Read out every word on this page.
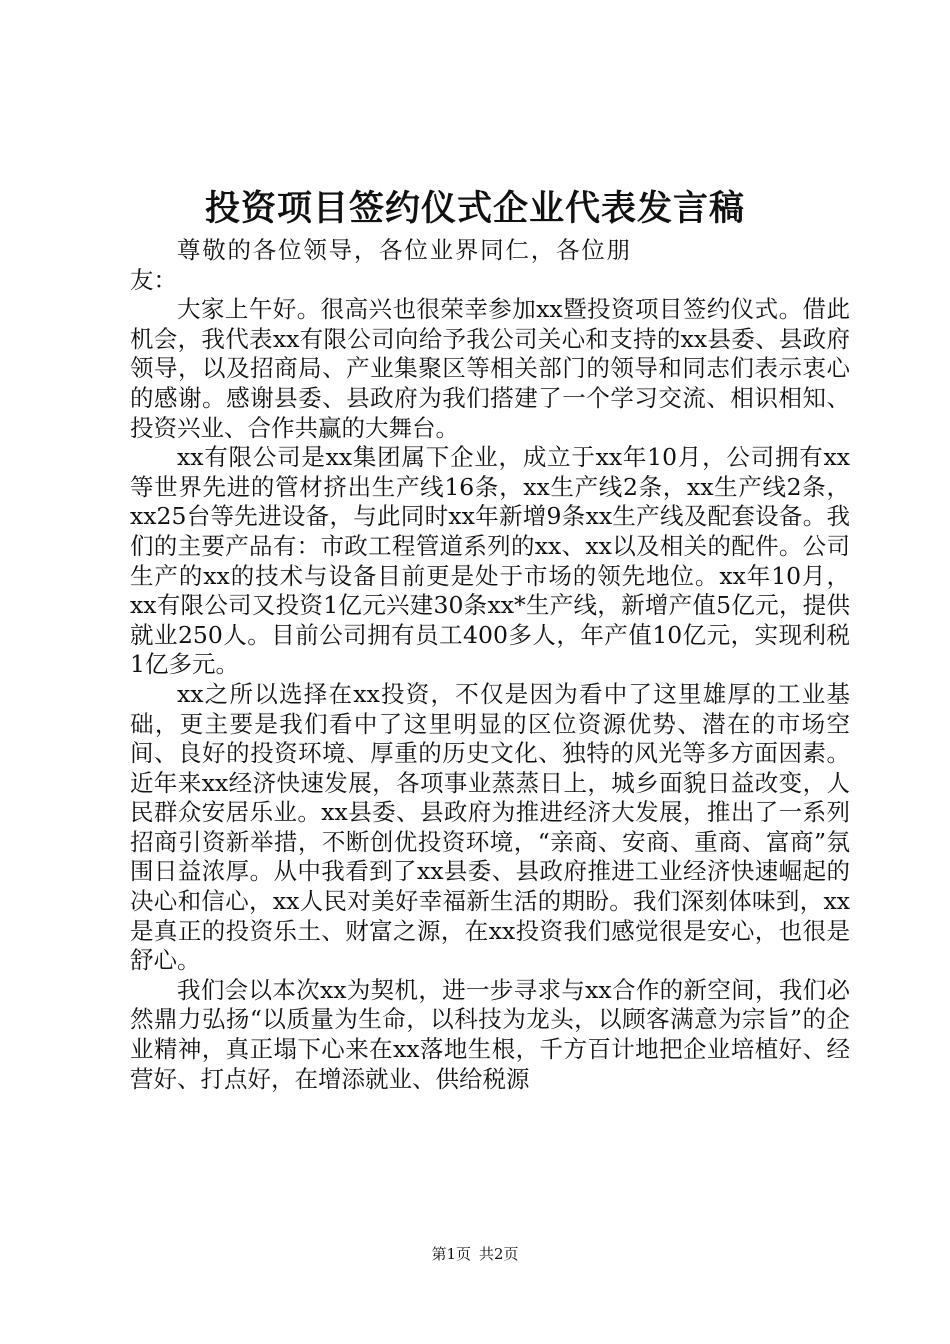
投资项目签约仪式企业代表发言稿

尊敬的各位领导，各位业界同仁，各位朋友：

大家上午好。很高兴也很荣幸参加xx暨投资项目签约仪式。借此机会，我代表xx有限公司向给予我公司关心和支持的xx县委、县政府领导，以及招商局、产业集聚区等相关部门的领导和同志们表示衷心的感谢。感谢县委、县政府为我们搭建了一个学习交流、相识相知、投资兴业、合作共赢的大舞台。

xx有限公司是xx集团属下企业，成立于xx年10月，公司拥有xx等世界先进的管材挤出生产线16条，xx生产线2条，xx生产线2条，xx25台等先进设备，与此同时xx年新增9条xx生产线及配套设备。我们的主要产品有：市政工程管道系列的xx、xx以及相关的配件。公司生产的xx的技术与设备目前更是处于市场的领先地位。xx年10月，xx有限公司又投资1亿元兴建30条xx*生产线，新增产值5亿元，提供就业250人。目前公司拥有员工400多人，年产值10亿元，实现利税1亿多元。

xx之所以选择在xx投资，不仅是因为看中了这里雄厚的工业基础，更主要是我们看中了这里明显的区位资源优势、潜在的市场空间、良好的投资环境、厚重的历史文化、独特的风光等多方面因素。近年来xx经济快速发展，各项事业蒸蒸日上，城乡面貌日益改变，人民群众安居乐业。xx县委、县政府为推进经济大发展，推出了一系列招商引资新举措，不断创优投资环境，“亲商、安商、重商、富商”氛围日益浓厚。从中我看到了xx县委、县政府推进工业经济快速崛起的决心和信心，xx人民对美好幸福新生活的期盼。我们深刻体味到，xx是真正的投资乐土、财富之源，在xx投资我们感觉很是安心，也很是舒心。

我们会以本次xx为契机，进一步寻求与xx合作的新空间，我们必然鼎力弘扬“以质量为生命，以科技为龙头，以顾客满意为宗旨”的企业精神，真正塌下心来在xx落地生根，千方百计地把企业培植好、经营好、打点好，在增添就业、供给税源

第1页 共2页
